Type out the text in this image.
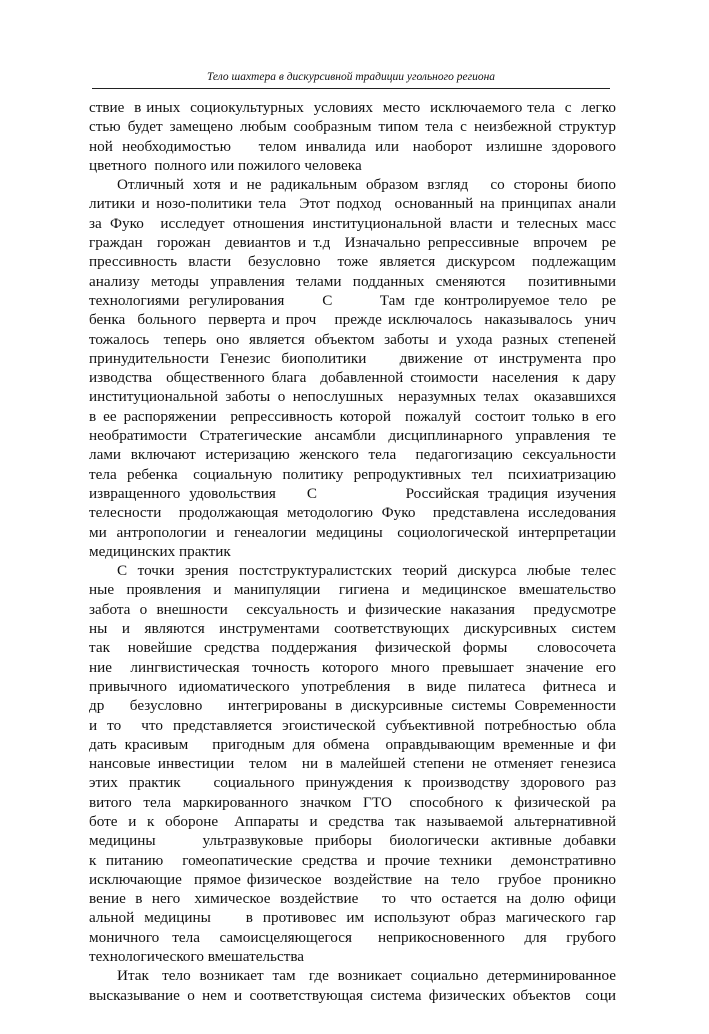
Тело шахтера в дискурсивной традиции угольного региона
ствие  в иных  социокультурных  условиях  место  исключаемого тела  с  легко
стью будет замещено любым сообразным типом тела с неизбежной структур
ной  необходимостью      телом  инвалида  или   наоборот   излишне  здорового
цветного  полного или пожилого человека
Отличный  хотя  и  не  радикальным  образом  взгляд     со  стороны  биопо
литики и нозо-политики тела  Этот подход  основанный на принципах анали
за Фуко  исследует отношения институциональной власти и телесных масс
граждан  горожан  девиантов и т.д  Изначально репрессивные  впрочем  ре
прессивность  власти   безусловно   тоже  является  дискурсом   подлежащим
анализу  методы  управления  телами  подданных  сменяются    позитивными
технологиями  регулирования        С          Там  где  контролируемое  тело   ре
бенка  больного  перверта и проч   прежде исключалось  наказывалось  унич
тожалось   теперь  оно  является  объектом  заботы  и  ухода  разных  степеней
принудительности  Генезис  биополитики      движение  от  инструмента  про
изводства  общественного блага  добавленной стоимости  населения  к дару
институциональной заботы о непослушных  неразумных телах  оказавшихся
в ее распоряжении  репрессивность которой  пожалуй  состоит только в его
необратимости  Стратегические  ансамбли  дисциплинарного  управления  те
лами включают истеризацию женского тела  педагогизацию сексуальности
тела  ребенка   социальную  политику  репродуктивных  тел   психиатризацию
извращенного  удовольствия       С                    Российская  традиция  изучения
телесности  продолжающая методологию Фуко  представлена исследования
ми  антропологии  и  генеалогии  медицины   социологической  интерпретации
медицинских практик
С точки зрения постструктуралистских теорий дискурса любые телес
ные  проявления  и  манипуляции   гигиена  и  медицинское  вмешательство
забота о внешности  сексуальность и физические наказания  предусмотре
ны  и  являются  инструментами  соответствующих  дискурсивных  систем
так   новейшие  средства  поддержания   физической  формы     словосочета
ние   лингвистическая  точность  которого  много  превышает  значение  его
привычного  идиоматического  употребления   в  виде  пилатеса   фитнеса  и
др   безусловно   интегрированы в дискурсивные системы Современности
и то  что представляется эгоистической субъективной потребностью обла
дать красивым   пригодным для обмена  оправдывающим временные и фи
нансовые инвестиции  телом  ни в малейшей степени не отменяет генезиса
этих  практик      социального  принуждения  к  производству  здорового  раз
витого  тела  маркированного  значком  ГТО   способного  к  физической  ра
боте  и  к  обороне   Аппараты  и  средства  так  называемой  альтернативной
медицины        ультразвуковые  приборы   биологически  активные  добавки
к питанию  гомеопатические средства и прочие техники  демонстративно
исключающие  прямое физическое  воздействие  на  тело   грубое  проникно
вение  в  него   химическое  воздействие     то   что  остается  на  долю  офици
альной  медицины       в  противовес  им  используют  образ  магического  гар
моничного  тела   самоисцеляющегося    неприкосновенного   для   грубого
технологического вмешательства
Итак   тело  возникает  там   где  возникает  социально  детерминированное
высказывание о нем и соответствующая система физических объектов  соци
